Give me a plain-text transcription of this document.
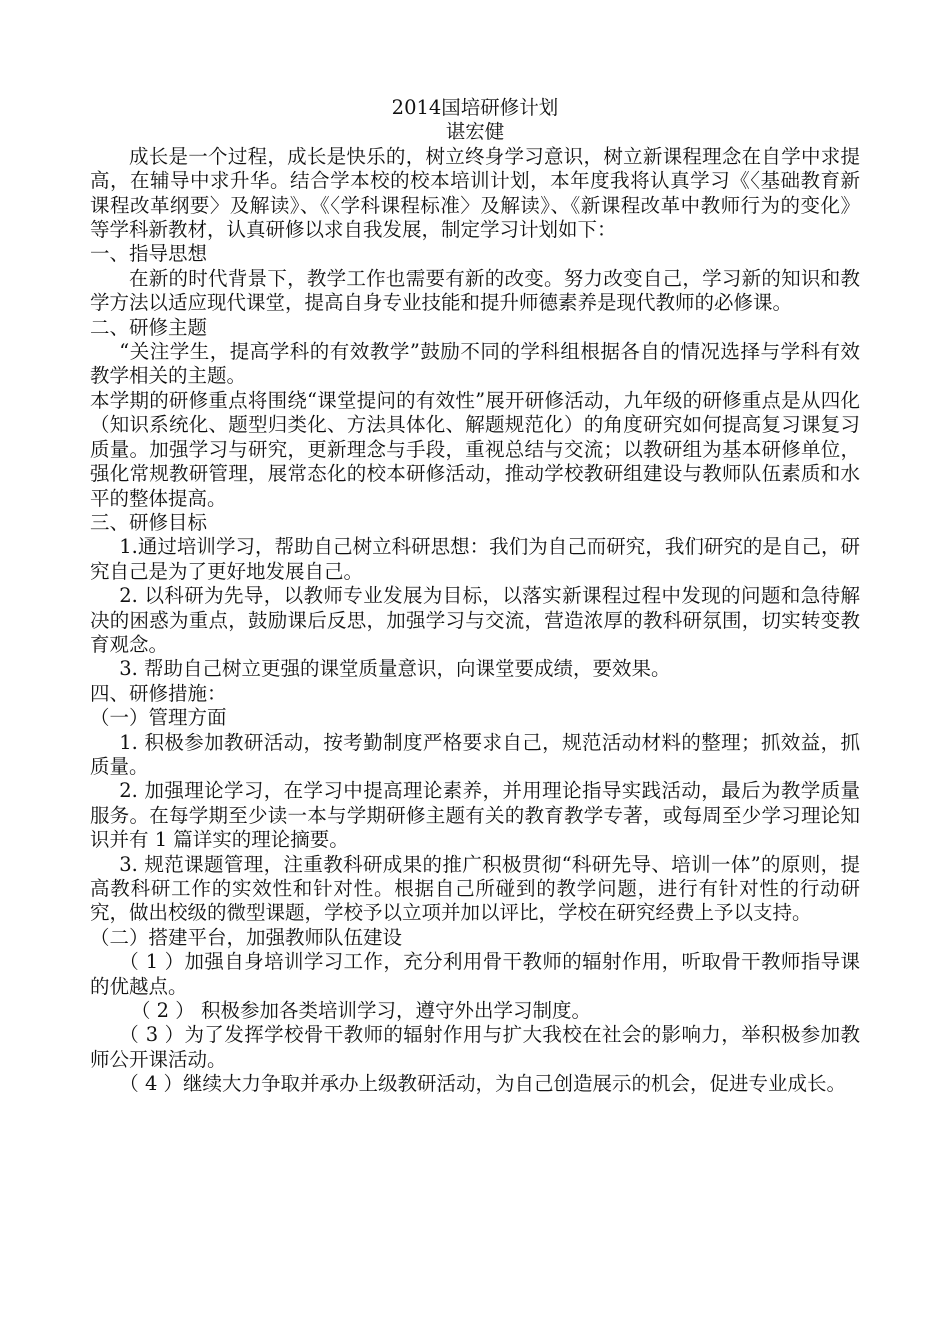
2014国培研修计划

谌宏健

成长是一个过程，成长是快乐的，树立终身学习意识，树立新课程理念在自学中求提高，在辅导中求升华。结合学本校的校本培训计划，本年度我将认真学习《〈基础教育新课程改革纲要〉及解读》、《〈学科课程标准〉及解读》、《新课程改革中教师行为的变化》等学科新教材，认真研修以求自我发展，制定学习计划如下：

一、指导思想

在新的时代背景下，教学工作也需要有新的改变。努力改变自己，学习新的知识和教学方法以适应现代课堂，提高自身专业技能和提升师德素养是现代教师的必修课。

二、研修主题

“关注学生，提高学科的有效教学”鼓励不同的学科组根据各自的情况选择与学科有效教学相关的主题。

本学期的研修重点将围绕“课堂提问的有效性”展开研修活动，九年级的研修重点是从四化（知识系统化、题型归类化、方法具体化、解题规范化）的角度研究如何提高复习课复习质量。加强学习与研究，更新理念与手段，重视总结与交流；以教研组为基本研修单位，强化常规教研管理，展常态化的校本研修活动，推动学校教研组建设与教师队伍素质和水平的整体提高。

三、研修目标

1.通过培训学习，帮助自己树立科研思想：我们为自己而研究，我们研究的是自己，研究自己是为了更好地发展自己。

2. 以科研为先导，以教师专业发展为目标，以落实新课程过程中发现的问题和急待解决的困惑为重点，鼓励课后反思，加强学习与交流，营造浓厚的教科研氛围，切实转变教育观念。

3. 帮助自己树立更强的课堂质量意识，向课堂要成绩，要效果。

四、研修措施：

（一）管理方面

1. 积极参加教研活动，按考勤制度严格要求自己，规范活动材料的整理；抓效益，抓质量。

2. 加强理论学习，在学习中提高理论素养，并用理论指导实践活动，最后为教学质量服务。在每学期至少读一本与学期研修主题有关的教育教学专著，或每周至少学习理论知识并有 1 篇详实的理论摘要。

3. 规范课题管理，注重教科研成果的推广积极贯彻“科研先导、培训一体”的原则，提高教科研工作的实效性和针对性。根据自己所碰到的教学问题，进行有针对性的行动研究，做出校级的微型课题，学校予以立项并加以评比，学校在研究经费上予以支持。

（二）搭建平台，加强教师队伍建设

（ 1 ）加强自身培训学习工作，充分利用骨干教师的辐射作用，听取骨干教师指导课的优越点。

（ 2 ） 积极参加各类培训学习，遵守外出学习制度。

（ 3 ）为了发挥学校骨干教师的辐射作用与扩大我校在社会的影响力，举积极参加教师公开课活动。

（ 4 ）继续大力争取并承办上级教研活动，为自己创造展示的机会，促进专业成长。
